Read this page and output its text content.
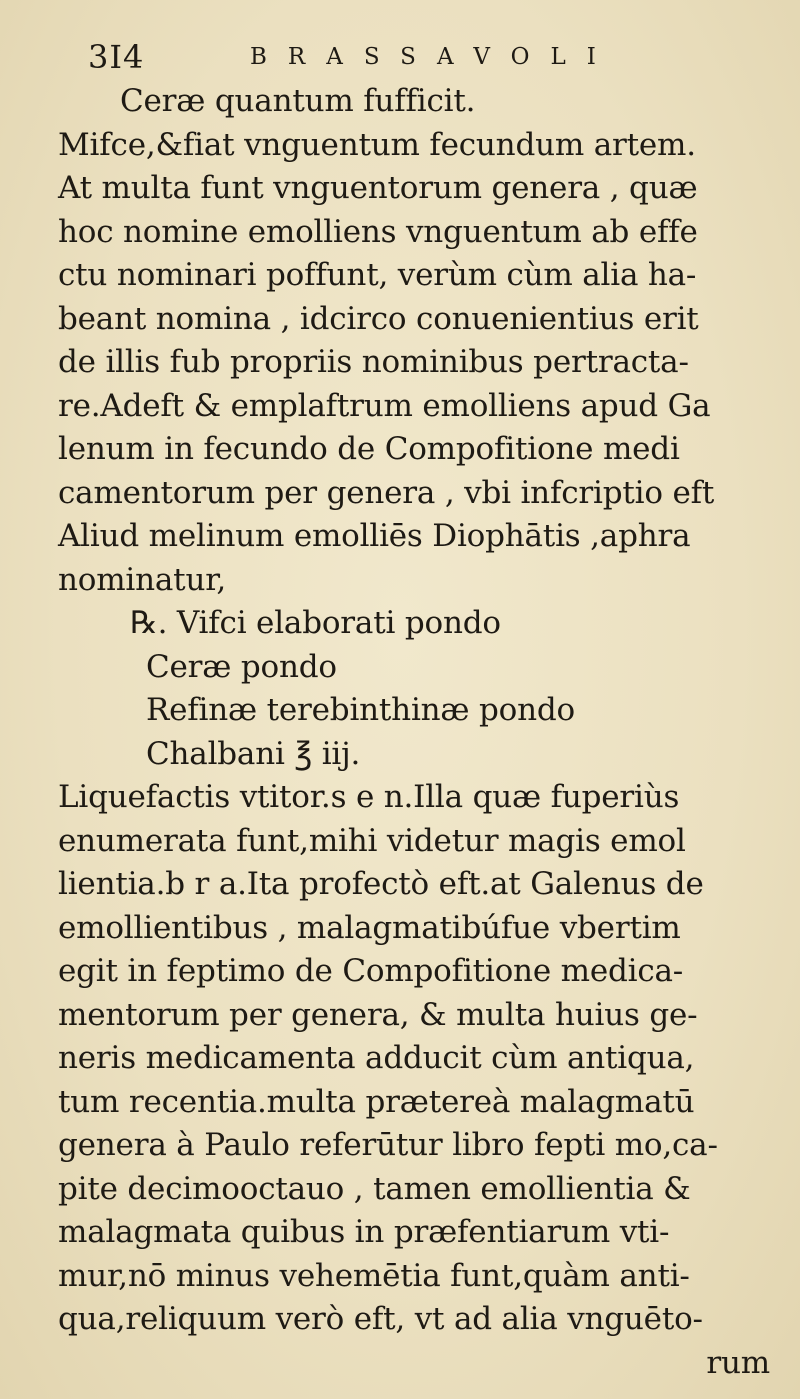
3I4	BRASSAVOLI
Ceræ quantum fufficit.
Mifce,&fiat vnguentum fecundum artem.
At multa funt vnguentorum genera , quæ
hoc nomine emolliens vnguentum ab effe
ctu nominari poffunt, verùm cùm alia ha-
beant nomina , idcirco conuenientius erit
de illis fub propriis nominibus pertracta-
re.Adeft & emplaftrum emolliens apud Ga
lenum in fecundo de Compofitione medi
camentorum per genera , vbi infcriptio eft
Aliud melinum emolliēs Diophātis ,aphra
nominatur,
℞. Vifci elaborati pondo
Ceræ pondo
Refinæ terebinthinæ pondo
Chalbani ℥ iij.
Liquefactis vtitor.s e n.Illa quæ fuperiùs
enumerata funt,mihi videtur magis emol
lientia.b r a.Ita profectò eft.at Galenus de
emollientibus , malagmatibúfue vbertim
egit in feptimo de Compofitione medica-
mentorum per genera, & multa huius ge-
neris medicamenta adducit cùm antiqua,
tum recentia.multa prætereà malagmatū
genera à Paulo referūtur libro fepti mo,ca-
pite decimooctauo , tamen emollientia &
malagmata quibus in præfentiarum vti-
mur,nō minus vehemētia funt,quàm anti-
qua,reliquum verò eft, vt ad alia vnguēto-
rum
